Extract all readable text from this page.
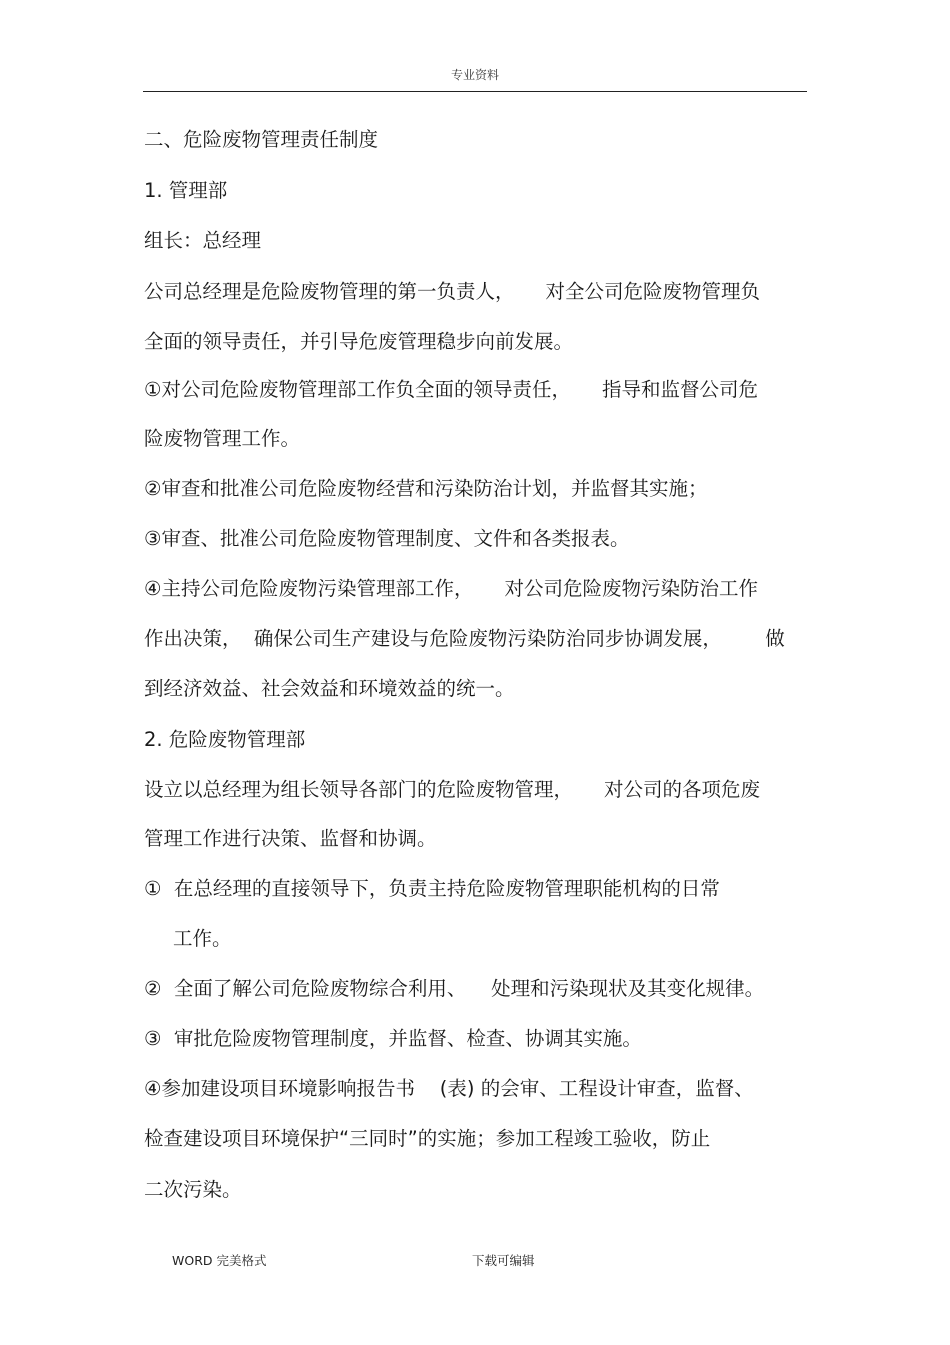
专业资料
二、危险废物管理责任制度
1. 管理部
组长：总经理
公司总经理是危险废物管理的第一负责人，     对全公司危险废物管理负
全面的领导责任，并引导危废管理稳步向前发展。
①对公司危险废物管理部工作负全面的领导责任，     指导和监督公司危
险废物管理工作。
②审查和批准公司危险废物经营和污染防治计划，并监督其实施；
③审查、批准公司危险废物管理制度、文件和各类报表。
④主持公司危险废物污染管理部工作，     对公司危险废物污染防治工作
作出决策，  确保公司生产建设与危险废物污染防治同步协调发展，       做
到经济效益、社会效益和环境效益的统一。
2. 危险废物管理部
设立以总经理为组长领导各部门的危险废物管理，     对公司的各项危废
管理工作进行决策、监督和协调。
①  在总经理的直接领导下，负责主持危险废物管理职能机构的日常
工作。
②  全面了解公司危险废物综合利用、    处理和污染现状及其变化规律。
③  审批危险废物管理制度，并监督、检查、协调其实施。
④参加建设项目环境影响报告书    (表) 的会审、工程设计审查，监督、
检查建设项目环境保护“三同时”的实施；参加工程竣工验收，防止
二次污染。
WORD 完美格式	下载可编辑
